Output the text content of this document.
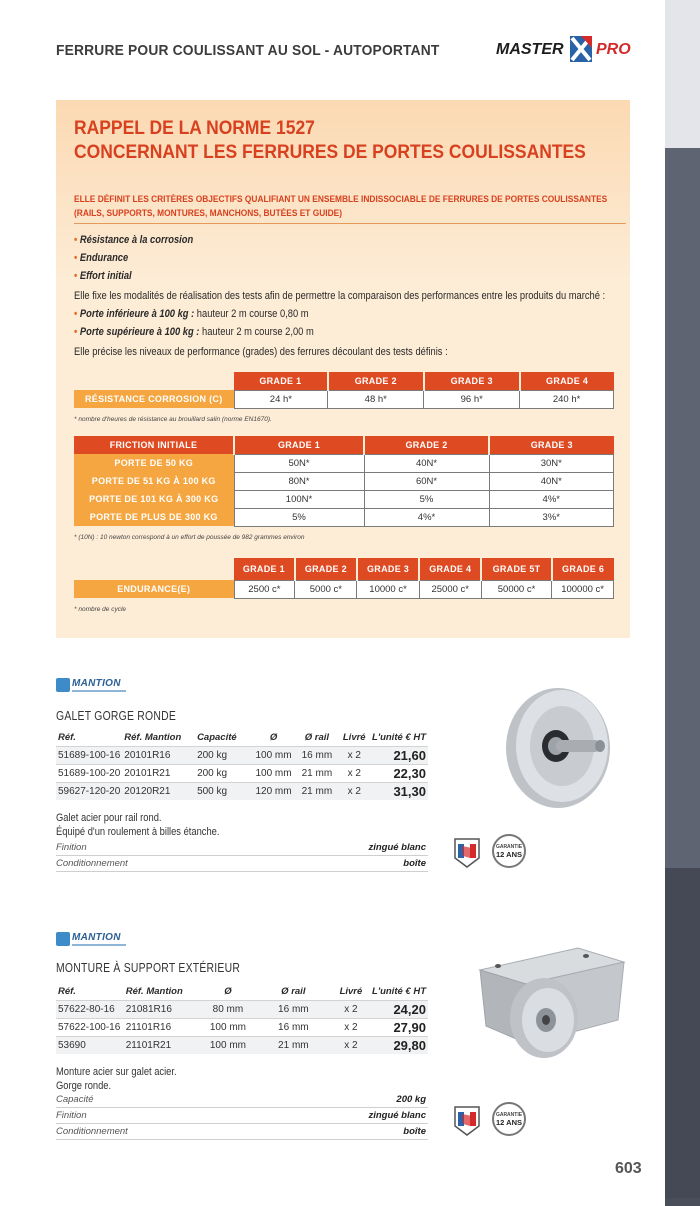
FERRURE POUR COULISSANT AU SOL - AUTOPORTANT	MASTER PRO
RAPPEL DE LA NORME 1527
CONCERNANT LES FERRURES DE PORTES COULISSANTES
ELLE DÉFINIT LES CRITÈRES OBJECTIFS QUALIFIANT UN ENSEMBLE INDISSOCIABLE DE FERRURES DE PORTES COULISSANTES
(RAILS, SUPPORTS, MONTURES, MANCHONS, BUTÉES ET GUIDE)
• Résistance à la corrosion
• Endurance
• Effort initial
Elle fixe les modalités de réalisation des tests afin de permettre la comparaison des performances entre les produits du marché :
• Porte inférieure à 100 kg : hauteur 2 m course 0,80 m
• Porte supérieure à 100 kg : hauteur 2 m course 2,00 m
Elle précise les niveaux de performance (grades) des ferrures découlant des tests définis :
	GRADE 1	GRADE 2	GRADE 3	GRADE 4
RÉSISTANCE CORROSION (C)	24 h*	48 h*	96 h*	240 h*
* nombre d'heures de résistance au brouillard salin (norme EN1670).
FRICTION INITIALE	GRADE 1	GRADE 2	GRADE 3
PORTE DE 50 KG	50N*	40N*	30N*
PORTE DE 51 KG À 100 KG	80N*	60N*	40N*
PORTE DE 101 KG À 300 KG	100N*	5%	4%*
PORTE DE PLUS DE 300 KG	5%	4%*	3%*
* (10N) : 10 newton correspond à un effort de poussée de 982 grammes environ
	GRADE 1	GRADE 2	GRADE 3	GRADE 4	GRADE 5T	GRADE 6
ENDURANCE(E)	2500 c*	5000 c*	10000 c*	25000 c*	50000 c*	100000 c*
* nombre de cycle
MANTION
GALET GORGE RONDE
Réf.	Réf. Mantion	Capacité	Ø	Ø rail	Livré	L'unité € HT
51689-100-16	20101R16	200 kg	100 mm	16 mm	x 2	21,60
51689-100-20	20101R21	200 kg	100 mm	21 mm	x 2	22,30
59627-120-20	20120R21	500 kg	120 mm	21 mm	x 2	31,30
Galet acier pour rail rond.
Équipé d'un roulement à billes étanche.
Finition	zingué blanc
Conditionnement	boîte
GARANTIE
12 ANS
MANTION
MONTURE À SUPPORT EXTÉRIEUR
Réf.	Réf. Mantion	Ø	Ø rail	Livré	L'unité € HT
57622-80-16	21081R16	80 mm	16 mm	x 2	24,20
57622-100-16	21101R16	100 mm	16 mm	x 2	27,90
53690	21101R21	100 mm	21 mm	x 2	29,80
Monture acier sur galet acier.
Gorge ronde.
Capacité	200 kg
Finition	zingué blanc
Conditionnement	boîte
GARANTIE
12 ANS
603
